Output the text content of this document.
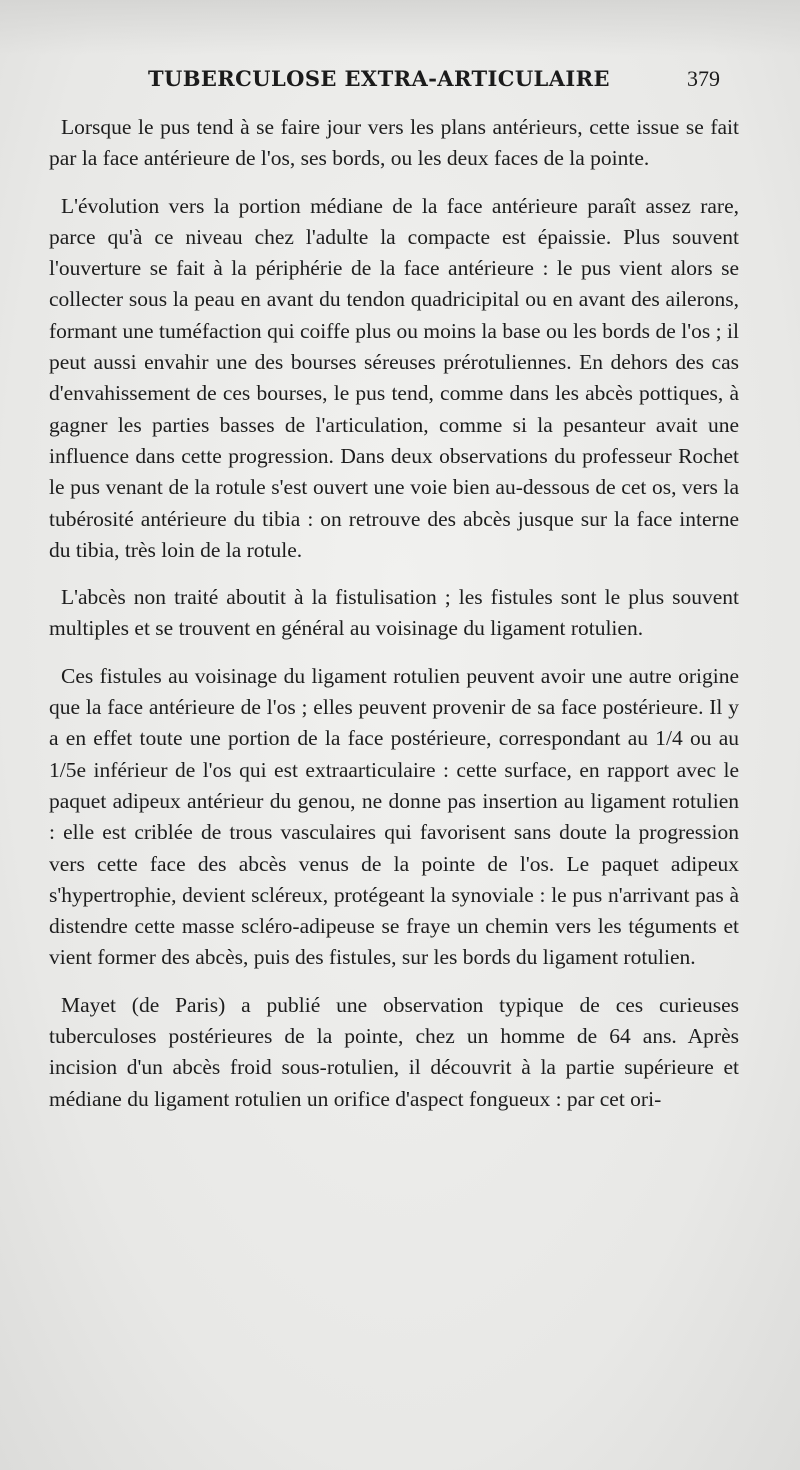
TUBERCULOSE EXTRA-ARTICULAIRE	379

Lorsque le pus tend à se faire jour vers les plans antérieurs, cette issue se fait par la face antérieure de l'os, ses bords, ou les deux faces de la pointe.

L'évolution vers la portion médiane de la face antérieure paraît assez rare, parce qu'à ce niveau chez l'adulte la compacte est épaissie. Plus souvent l'ouverture se fait à la périphérie de la face antérieure : le pus vient alors se collecter sous la peau en avant du tendon quadricipital ou en avant des ailerons, formant une tuméfaction qui coiffe plus ou moins la base ou les bords de l'os ; il peut aussi envahir une des bourses séreuses prérotuliennes. En dehors des cas d'envahissement de ces bourses, le pus tend, comme dans les abcès pottiques, à gagner les parties basses de l'articulation, comme si la pesanteur avait une influence dans cette progression. Dans deux observations du professeur Rochet le pus venant de la rotule s'est ouvert une voie bien au-dessous de cet os, vers la tubérosité antérieure du tibia : on retrouve des abcès jusque sur la face interne du tibia, très loin de la rotule.

L'abcès non traité aboutit à la fistulisation ; les fistules sont le plus souvent multiples et se trouvent en général au voisinage du ligament rotulien.

Ces fistules au voisinage du ligament rotulien peuvent avoir une autre origine que la face antérieure de l'os ; elles peuvent provenir de sa face postérieure. Il y a en effet toute une portion de la face postérieure, correspondant au 1/4 ou au 1/5e inférieur de l'os qui est extraarticulaire : cette surface, en rapport avec le paquet adipeux antérieur du genou, ne donne pas insertion au ligament rotulien : elle est criblée de trous vasculaires qui favorisent sans doute la progression vers cette face des abcès venus de la pointe de l'os. Le paquet adipeux s'hypertrophie, devient scléreux, protégeant la synoviale : le pus n'arrivant pas à distendre cette masse scléro-adipeuse se fraye un chemin vers les téguments et vient former des abcès, puis des fistules, sur les bords du ligament rotulien.

Mayet (de Paris) a publié une observation typique de ces curieuses tuberculoses postérieures de la pointe, chez un homme de 64 ans. Après incision d'un abcès froid sous-rotulien, il découvrit à la partie supérieure et médiane du ligament rotulien un orifice d'aspect fongueux : par cet ori-
